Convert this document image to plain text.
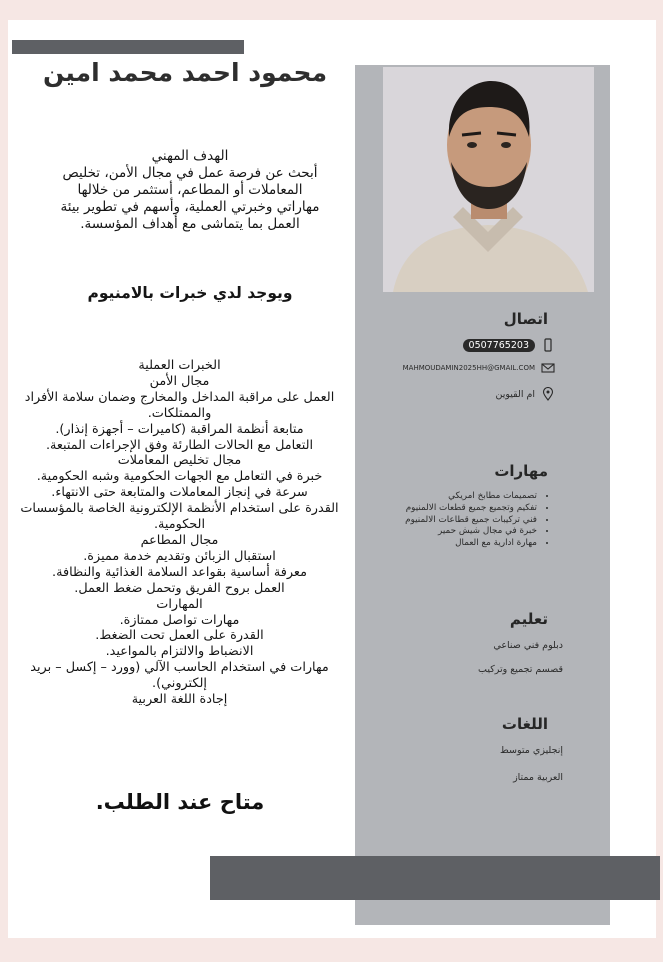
محمود احمد محمد امين
الهدف المهني
أبحث عن فرصة عمل في مجال الأمن، تخليص المعاملات أو المطاعم، أستثمر من خلالها مهاراتي وخبرتي العملية، وأسهم في تطوير بيئة العمل بما يتماشى مع أهداف المؤسسة.
ويوجد لدي خبرات بالامنيوم
الخبرات العملية
مجال الأمن
العمل على مراقبة المداخل والمخارج وضمان سلامة الأفراد والممتلكات.
متابعة أنظمة المراقبة (كاميرات – أجهزة إنذار).
التعامل مع الحالات الطارئة وفق الإجراءات المتبعة.
مجال تخليص المعاملات
خبرة في التعامل مع الجهات الحكومية وشبه الحكومية.
سرعة في إنجاز المعاملات والمتابعة حتى الانتهاء.
القدرة على استخدام الأنظمة الإلكترونية الخاصة بالمؤسسات الحكومية.
مجال المطاعم
استقبال الزبائن وتقديم خدمة مميزة.
معرفة أساسية بقواعد السلامة الغذائية والنظافة.
العمل بروح الفريق وتحمل ضغط العمل.
المهارات
مهارات تواصل ممتازة.
القدرة على العمل تحت الضغط.
الانضباط والالتزام بالمواعيد.
مهارات في استخدام الحاسب الآلي (وورد – إكسل – بريد إلكتروني).
إجادة اللغة العربية
متاح عند الطلب.
اتصال
0507765203
MAHMOUDAMIN2025HH@GMAIL.COM
ام القيوين
مهارات
• تصميمات مطابخ امريكي
• تفكيم وتجميع جميع قطعات الالمنيوم
• فني تركيبات جميع قطاعات الالمنيوم
• خبرة في مجال شيش حمير
• مهارة ادارية مع العمال
تعليم
دبلوم فني صناعي
قصسم تجميع وتركيب
اللغات
إنجليزي متوسط
العربية ممتاز
